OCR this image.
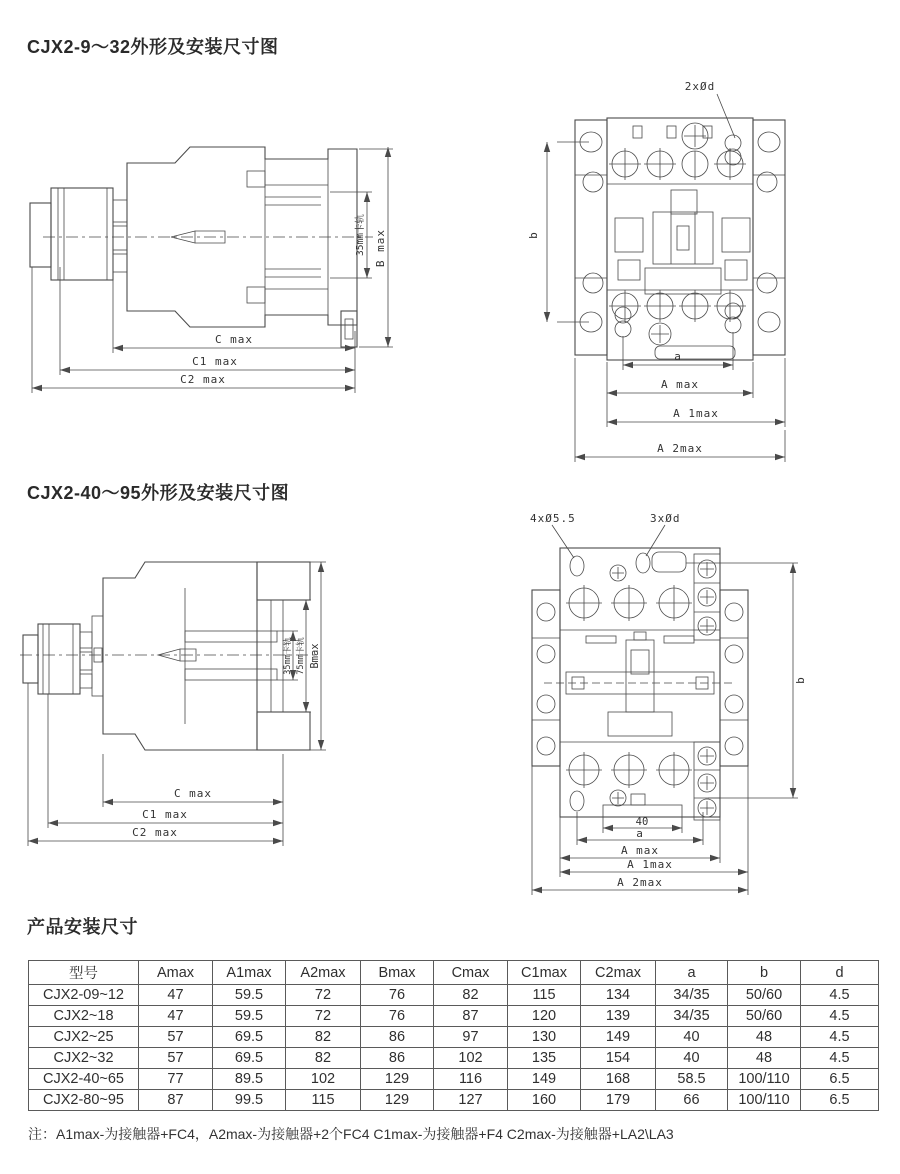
CJX2-9～32外形及安装尺寸图
C max
C1 max
C2 max
35mm卡轨 B max
2xØd
b
a
A max
A 1max
A 2max
CJX2-40～95外形及安装尺寸图
35mm卡轨 75mm卡轨 Bmax
C max
C1 max
C2 max
4xØ5.5	3xØd
b
40
a
A max
A 1max
A 2max
产品安装尺寸
型号	Amax	A1max	A2max	Bmax	Cmax	C1max	C2max	a	b	d
CJX2-09~12	47	59.5	72	76	82	115	134	34/35	50/60	4.5
CJX2~18	47	59.5	72	76	87	120	139	34/35	50/60	4.5
CJX2~25	57	69.5	82	86	97	130	149	40	48	4.5
CJX2~32	57	69.5	82	86	102	135	154	40	48	4.5
CJX2-40~65	77	89.5	102	129	116	149	168	58.5	100/110	6.5
CJX2-80~95	87	99.5	115	129	127	160	179	66	100/110	6.5
注：A1max-为接触器+FC4，A2max-为接触器+2个FC4 C1max-为接触器+F4 C2max-为接触器+LA2\LA3
